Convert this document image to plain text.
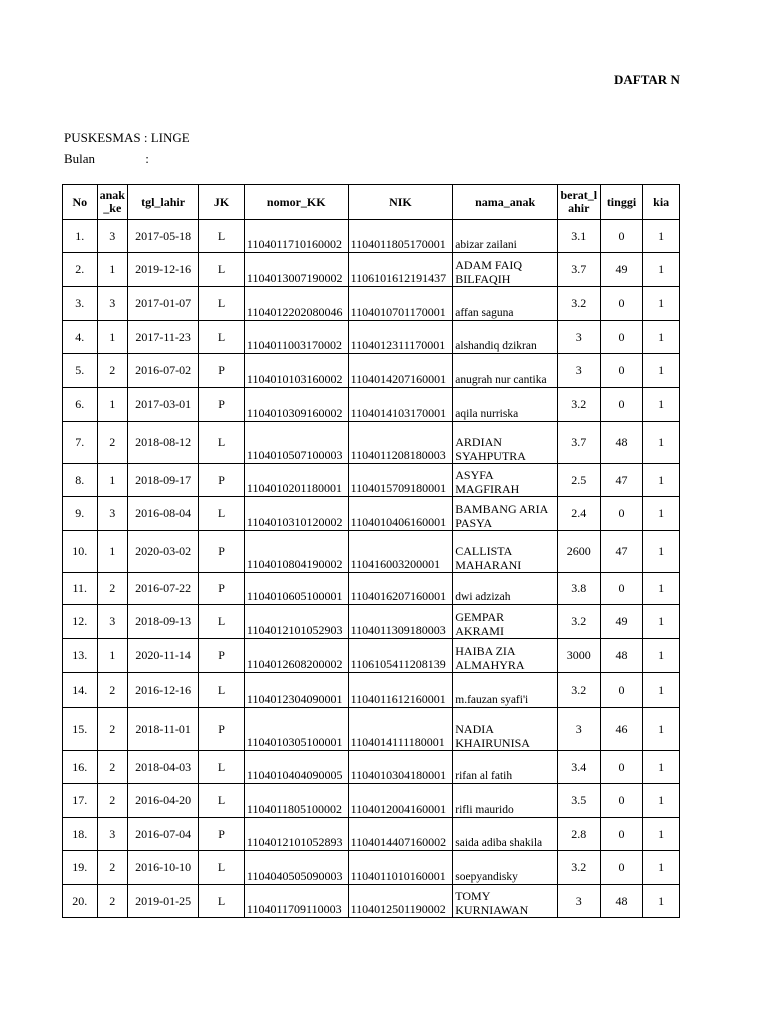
DAFTAR N
PUSKESMAS : LINGE
Bulan	:
No	anak_ke	tgl_lahir	JK	nomor_KK	NIK	nama_anak	berat_lahir	tinggi	kia
1.	3	2017-05-18	L	1104011710160002	1104011805170001	abizar zailani	3.1	0	1
2.	1	2019-12-16	L	1104013007190002	1106101612191437	ADAM FAIQ BILFAQIH	3.7	49	1
3.	3	2017-01-07	L	1104012202080046	1104010701170001	affan saguna	3.2	0	1
4.	1	2017-11-23	L	1104011003170002	1104012311170001	alshandiq dzikran	3	0	1
5.	2	2016-07-02	P	1104010103160002	1104014207160001	anugrah nur cantika	3	0	1
6.	1	2017-03-01	P	1104010309160002	1104014103170001	aqila nurriska	3.2	0	1
7.	2	2018-08-12	L	1104010507100003	1104011208180003	ARDIAN SYAHPUTRA	3.7	48	1
8.	1	2018-09-17	P	1104010201180001	1104015709180001	ASYFA MAGFIRAH	2.5	47	1
9.	3	2016-08-04	L	1104010310120002	1104010406160001	BAMBANG ARIA PASYA	2.4	0	1
10.	1	2020-03-02	P	1104010804190002	110416003200001	CALLISTA MAHARANI	2600	47	1
11.	2	2016-07-22	P	1104010605100001	1104016207160001	dwi adzizah	3.8	0	1
12.	3	2018-09-13	L	1104012101052903	1104011309180003	GEMPAR AKRAMI	3.2	49	1
13.	1	2020-11-14	P	1104012608200002	1106105411208139	HAIBA ZIA ALMAHYRA	3000	48	1
14.	2	2016-12-16	L	1104012304090001	1104011612160001	m.fauzan syafi'i	3.2	0	1
15.	2	2018-11-01	P	1104010305100001	1104014111180001	NADIA KHAIRUNISA	3	46	1
16.	2	2018-04-03	L	1104010404090005	1104010304180001	rifan al fatih	3.4	0	1
17.	2	2016-04-20	L	1104011805100002	1104012004160001	rifli maurido	3.5	0	1
18.	3	2016-07-04	P	1104012101052893	1104014407160002	saida adiba shakila	2.8	0	1
19.	2	2016-10-10	L	1104040505090003	1104011010160001	soepyandisky	3.2	0	1
20.	2	2019-01-25	L	1104011709110003	1104012501190002	TOMY KURNIAWAN	3	48	1
